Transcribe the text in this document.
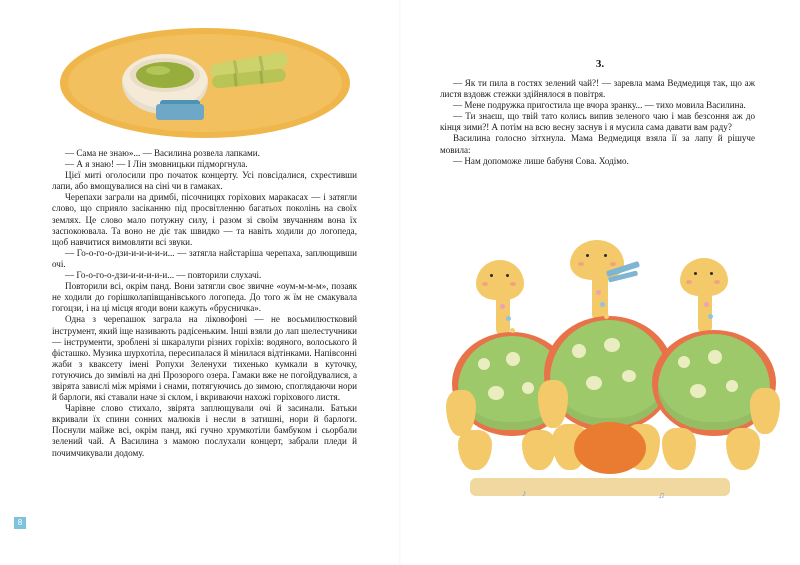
— Сама не знаю»... — Василина розвела лапками.

— А я знаю! — І Лін змовницьки підморгнула.

Цієї миті оголосили про початок концерту. Усі повсідалися, схрестивши лапи, або вмощувалися на сіні чи в гамаках.

Черепахи заграли на дримбі, пісочницях горіхових маракасах — і затягли слово, що сприяло засіканню під просвітленню багатьох поколінь на своїх землях. Це слово мало потужну силу, і разом зі своїм звучанням вона їх заспокоювала. Та воно не діє так швидко — та навіть ходили до логопеда, щоб навчитися вимовляти всі звуки.

— Го-о-го-о-дзи-и-и-и-и-и... — затягла найстаріша черепаха, заплющивши очі.

— Го-о-го-о-дзи-и-и-и-и-и... — повторили слухачі.

Повторили всі, окрім панд. Вони затягли своє звичне «оум-м-м-м», позаяк не ходили до горішколапівщанівського логопеда. До того ж їм не смакувала гогоцзи, і на ці місця ягоди вони кажуть «брусничка».

Одна з черепашок заграла на ліковофоні — не восьмилюстковий інструмент, який іще називають радісеньким. Інші взяли до лап шелестучники — інструменти, зроблені зі шкаралупи різних горіхів: водяного, волоського й фісташко. Музика шурхотіла, пересипалася й мінилася відтінками. Напівсонні жаби з кваксету імені Ропухи Зеленухи тихенько кумкали в куточку, готуючись до зимівлі на дні Прозорого озера. Гамаки вже не погойдувалися, а звірята завислі між мріями і снами, потягуючись до зимою, споглядаючи нори й барлоги, які ставали наче зі склом, і вкриваючи нахожі горіхового листя.

Чарівне слово стихало, звірята заплющували очі й засинали. Батьки вкривали їх спини сонних малюків і несли в затишні, нори й барлоги. Поснули майже всі, окрім панд, які гучно хрумкотіли бамбуком і сьорбали зелений чай. А Василина з мамою послухали концерт, забрали пледи й почимчикували додому.

8
3.

— Як ти пила в гостях зелений чай?! — заревла мама Ведмедиця так, що аж листя вздовж стежки здійнялося в повітря.

— Мене подружка пригостила ще вчора зранку... — тихо мовила Василина.

— Ти знаєш, що твій тато колись випив зеленого чаю і мав безсоння аж до кінця зими?! А потім на всю весну заснув і я мусила сама давати вам раду?

Василина голосно зітхнула. Мама Ведмедиця взяла її за лапу й рішуче мовила:

— Нам допоможе лише бабуня Сова. Ходімо.

♪	♫
